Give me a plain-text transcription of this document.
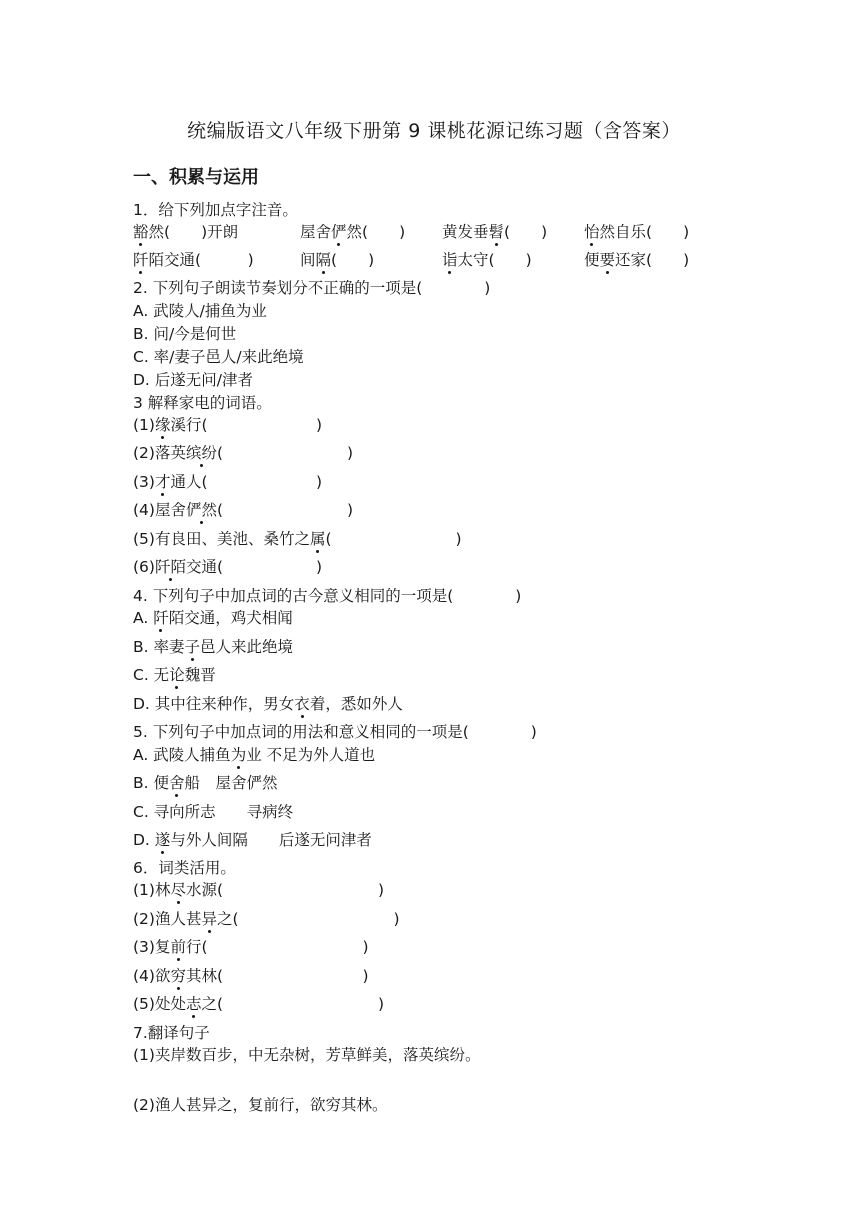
统编版语文八年级下册第 9 课桃花源记练习题（含答案）
一、积累与运用
1．给下列加点字注音。
豁然(　　)开朗	屋舍俨然(　　) 黄发垂髫(　　) 怡然自乐(　　)
阡陌交通(　　　)	间隔(　　)	诣太守(　　)	便要还家(　　)
2. 下列句子朗读节奏划分不正确的一项是(　　　　)
A. 武陵人/捕鱼为业
B. 问/今是何世
C. 率/妻子邑人/来此绝境
D. 后遂无问/津者
3 解释家电的词语。
(1)缘溪行(　　　　　　　)
(2)落英缤纷(　　　　　　　　)
(3)才通人(　　　　　　　)
(4)屋舍俨然(　　　　　　　　)
(5)有良田、美池、桑竹之属(　　　　　　　　)
(6)阡陌交通(　　　　　　)
4. 下列句子中加点词的古今意义相同的一项是(　　　　)
A. 阡陌交通，鸡犬相闻
B. 率妻子邑人来此绝境
C. 无论魏晋
D. 其中往来种作，男女衣着，悉如外人
5. 下列句子中加点词的用法和意义相同的一项是(　　　　)
A. 武陵人捕鱼为业 不足为外人道也
B. 便舍船　屋舍俨然
C. 寻向所志　　寻病终
D. 遂与外人间隔　　后遂无问津者
6．词类活用。
(1)林尽水源(　　　　　　　　　　)
(2)渔人甚异之(　　　　　　　　　　)
(3)复前行(　　　　　　　　　　)
(4)欲穷其林(　　　　　　　　　)
(5)处处志之(　　　　　　　　　　)
7.翻译句子
(1)夹岸数百步，中无杂树，芳草鲜美，落英缤纷。
(2)渔人甚异之，复前行，欲穷其林。
